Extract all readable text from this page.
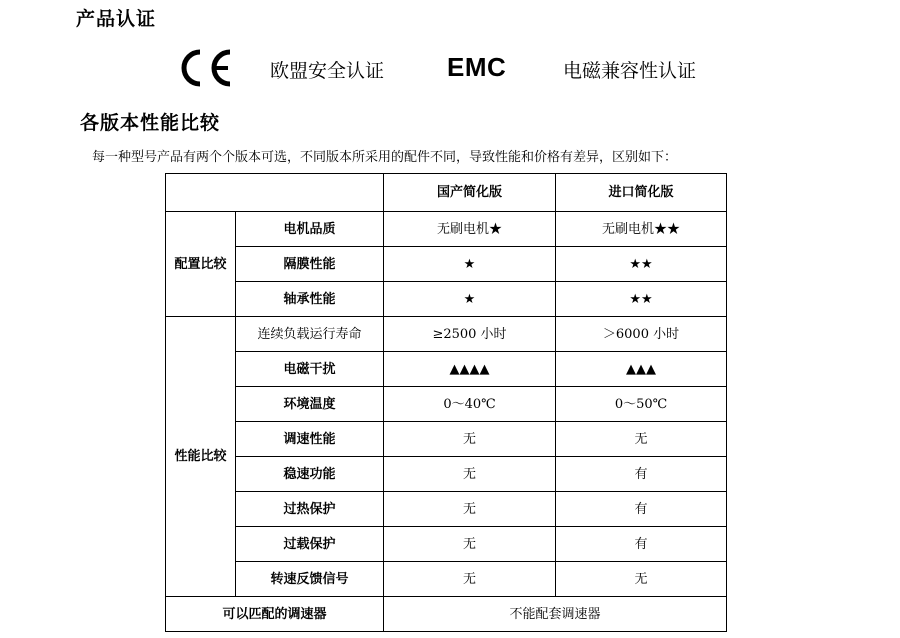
产品认证
欧盟安全认证 EMC	电磁兼容性认证
各版本性能比较
每一种型号产品有两个个版本可选，不同版本所采用的配件不同，导致性能和价格有差异，区别如下：
		国产简化版	进口简化版
配置比较	电机品质	无刷电机★	无刷电机★★
	隔膜性能	★	★★
	轴承性能	★	★★
性能比较	连续负载运行寿命	≥2500 小时	＞6000 小时
	电磁干扰	▲▲▲▲	▲▲▲
	环境温度	0～40℃	0～50℃
	调速性能	无	无
	稳速功能	无	有
	过热保护	无	有
	过载保护	无	有
	转速反馈信号	无	无
可以匹配的调速器		不能配套调速器	
